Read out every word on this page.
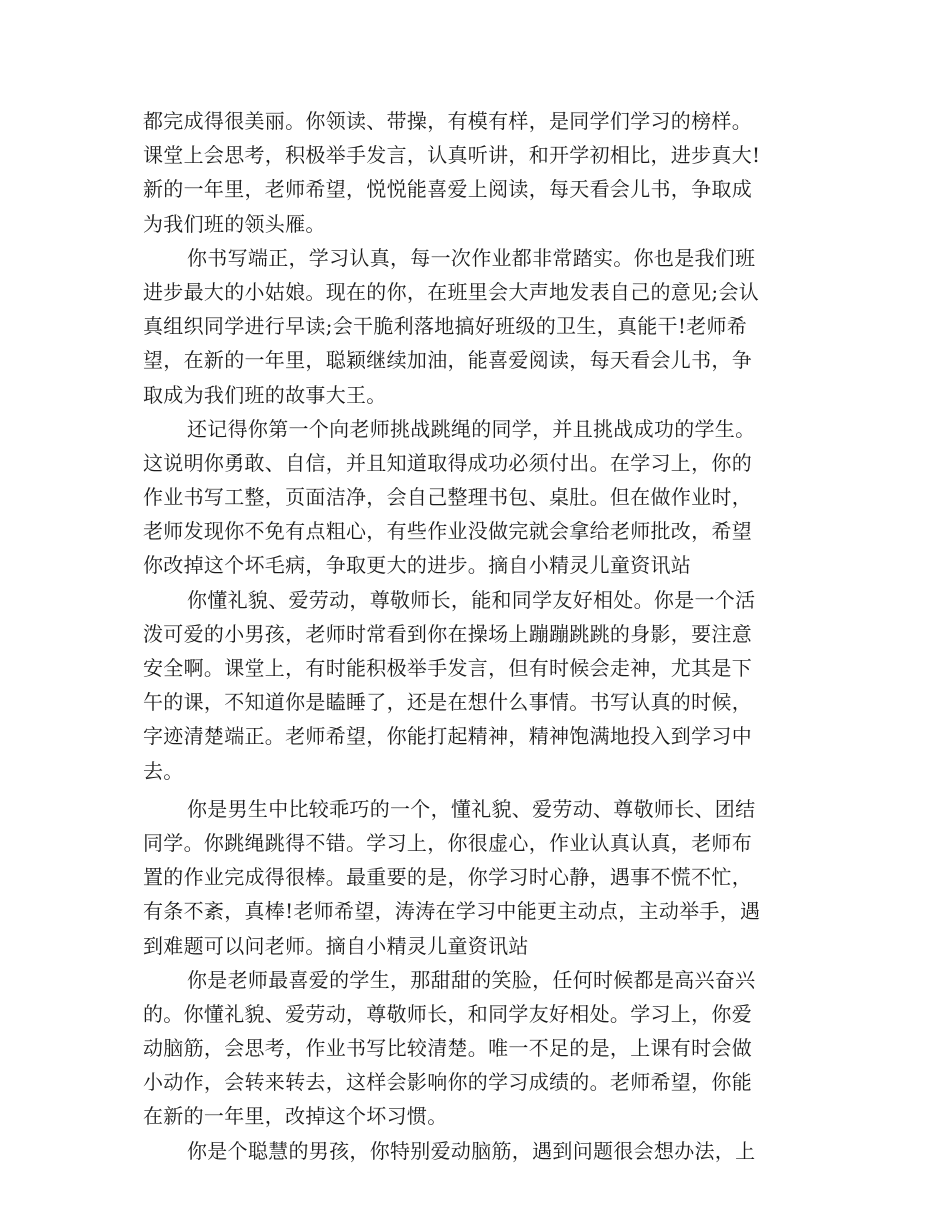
都完成得很美丽。你领读、带操，有模有样，是同学们学习的榜样。
课堂上会思考，积极举手发言，认真听讲，和开学初相比，进步真大!
新的一年里，老师希望，悦悦能喜爱上阅读，每天看会儿书，争取成
为我们班的领头雁。
你书写端正，学习认真，每一次作业都非常踏实。你也是我们班
进步最大的小姑娘。现在的你，在班里会大声地发表自己的意见;会认
真组织同学进行早读;会干脆利落地搞好班级的卫生，真能干!老师希
望，在新的一年里，聪颖继续加油，能喜爱阅读，每天看会儿书，争
取成为我们班的故事大王。
还记得你第一个向老师挑战跳绳的同学，并且挑战成功的学生。
这说明你勇敢、自信，并且知道取得成功必须付出。在学习上，你的
作业书写工整，页面洁净，会自己整理书包、桌肚。但在做作业时，
老师发现你不免有点粗心，有些作业没做完就会拿给老师批改，希望
你改掉这个坏毛病，争取更大的进步。摘自小精灵儿童资讯站
你懂礼貌、爱劳动，尊敬师长，能和同学友好相处。你是一个活
泼可爱的小男孩，老师时常看到你在操场上蹦蹦跳跳的身影，要注意
安全啊。课堂上，有时能积极举手发言，但有时候会走神，尤其是下
午的课，不知道你是瞌睡了，还是在想什么事情。书写认真的时候，
字迹清楚端正。老师希望，你能打起精神，精神饱满地投入到学习中
去。
你是男生中比较乖巧的一个，懂礼貌、爱劳动、尊敬师长、团结
同学。你跳绳跳得不错。学习上，你很虚心，作业认真认真，老师布
置的作业完成得很棒。最重要的是，你学习时心静，遇事不慌不忙，
有条不紊，真棒!老师希望，涛涛在学习中能更主动点，主动举手，遇
到难题可以问老师。摘自小精灵儿童资讯站
你是老师最喜爱的学生，那甜甜的笑脸，任何时候都是高兴奋兴
的。你懂礼貌、爱劳动，尊敬师长，和同学友好相处。学习上，你爱
动脑筋，会思考，作业书写比较清楚。唯一不足的是，上课有时会做
小动作，会转来转去，这样会影响你的学习成绩的。老师希望，你能
在新的一年里，改掉这个坏习惯。
你是个聪慧的男孩，你特别爱动脑筋，遇到问题很会想办法，上
